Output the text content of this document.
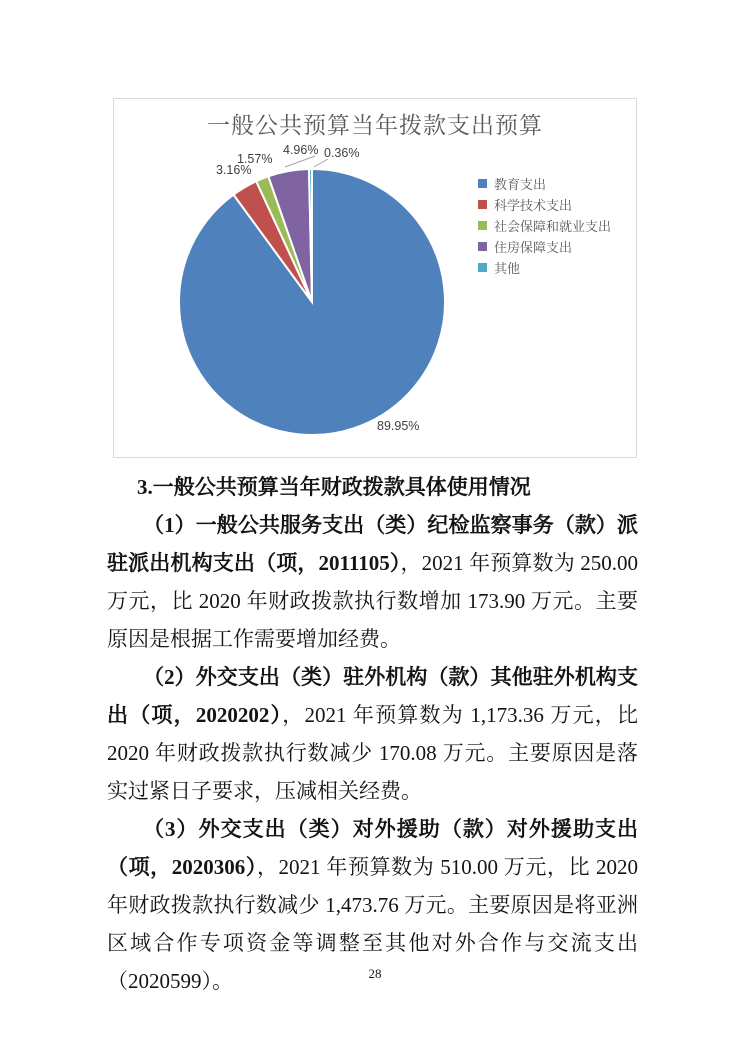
一般公共预算当年拨款支出预算
89.95%
3.16%
1.57%
4.96% 0.36%
教育支出
科学技术支出
社会保障和就业支出
住房保障支出
其他

3.一般公共预算当年财政拨款具体使用情况

（1）一般公共服务支出（类）纪检监察事务（款）派驻派出机构支出（项，2011105），2021 年预算数为 250.00 万元，比 2020 年财政拨款执行数增加 173.90 万元。主要原因是根据工作需要增加经费。

（2）外交支出（类）驻外机构（款）其他驻外机构支出（项，2020202），2021 年预算数为 1,173.36 万元，比 2020 年财政拨款执行数减少 170.08 万元。主要原因是落实过紧日子要求，压减相关经费。

（3）外交支出（类）对外援助（款）对外援助支出（项，2020306），2021 年预算数为 510.00 万元，比 2020 年财政拨款执行数减少 1,473.76 万元。主要原因是将亚洲区域合作专项资金等调整至其他对外合作与交流支出（2020599）。	28
